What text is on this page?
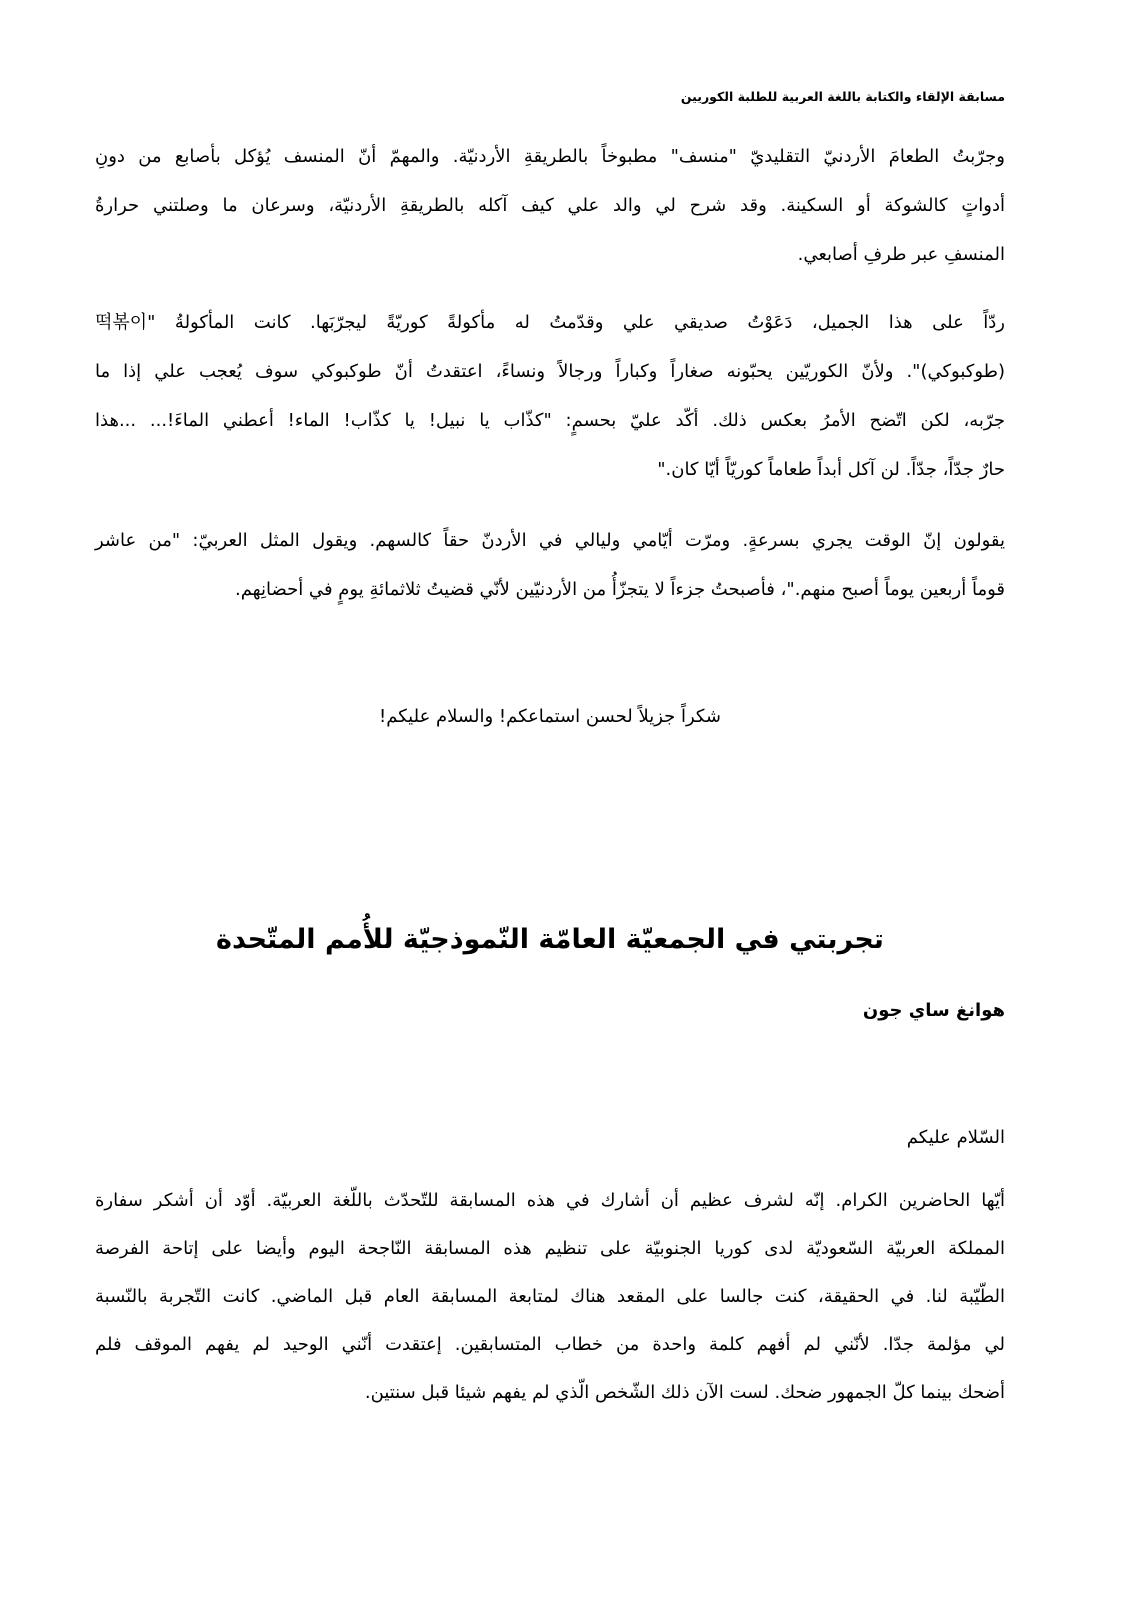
مسابقة الإلقاء والكتابة باللغة العربية للطلبة الكوريين
وجرّبتُ الطعامَ الأردنيّ التقليديّ "منسف" مطبوخاً بالطريقةِ الأردنيّة. والمهمّ أنّ المنسف يُؤكل بأصابع من دونِ
أدواتٍ كالشوكة أو السكينة. وقد شرح لي والد علي كيف آكله بالطريقةِ الأردنيّة، وسرعان ما وصلتني حرارةُ
المنسفِ عبر طرفِ أصابعي.
ردّاً على هذا الجميل، دَعَوْتُ صديقي علي وقدّمتُ له مأكولةً كوريّةً ليجرّبَها. كانت المأكولةُ "떡볶이
(طوكبوكي)". ولأنّ الكوريّين يحبّونه صغاراً وكباراً ورجالاً ونساءً، اعتقدتُ أنّ طوكبوكي سوف يُعجب علي إذا ما
جرّبه، لكن اتّضح الأمرُ بعكس ذلك. أكّد عليّ بحسمٍ: "كذّاب يا نبيل! يا كذّاب! الماء! أعطني الماءَ!... ...هذا
حارٌ جدّاً، جدّاً. لن آكل أبداً طعاماً كوريّاً أيّا كان."
يقولون إنّ الوقت يجري بسرعةٍ. ومرّت أيّامي وليالي في الأردنّ حقاً كالسهم. ويقول المثل العربيّ: "من عاشر
قوماً أربعين يوماً أصبح منهم."، فأصبحتُ جزءاً لا يتجزّأُ من الأردنيّين لأنّي قضيتُ ثلاثمائةِ يومٍ في أحضانِهم.
شكراً جزيلاً لحسن استماعكم! والسلام عليكم!
تجربتي في الجمعيّة العامّة النّموذجيّة للأُمم المتّحدة
هوانغ ساي جون
السّلام عليكم
أيّها الحاضرين الكرام. إنّه لشرف عظيم أن أشارك في هذه المسابقة للتّحدّث باللّغة العربيّة. أوّد أن أشكر سفارة
المملكة العربيّة السّعوديّة لدى كوريا الجنوبيّة على تنظيم هذه المسابقة النّاجحة اليوم وأيضا على إتاحة الفرصة
الطّيّبة لنا. في الحقيقة، كنت جالسا على المقعد هناك لمتابعة المسابقة العام قبل الماضي. كانت التّجربة بالنّسبة
لي مؤلمة جدّا. لأنّني لم أفهم كلمة واحدة من خطاب المتسابقين. إعتقدت أنّني الوحيد لم يفهم الموقف فلم
أضحك بينما كلّ الجمهور ضحك. لست الآن ذلك الشّخص الّذي لم يفهم شيئا قبل سنتين.
